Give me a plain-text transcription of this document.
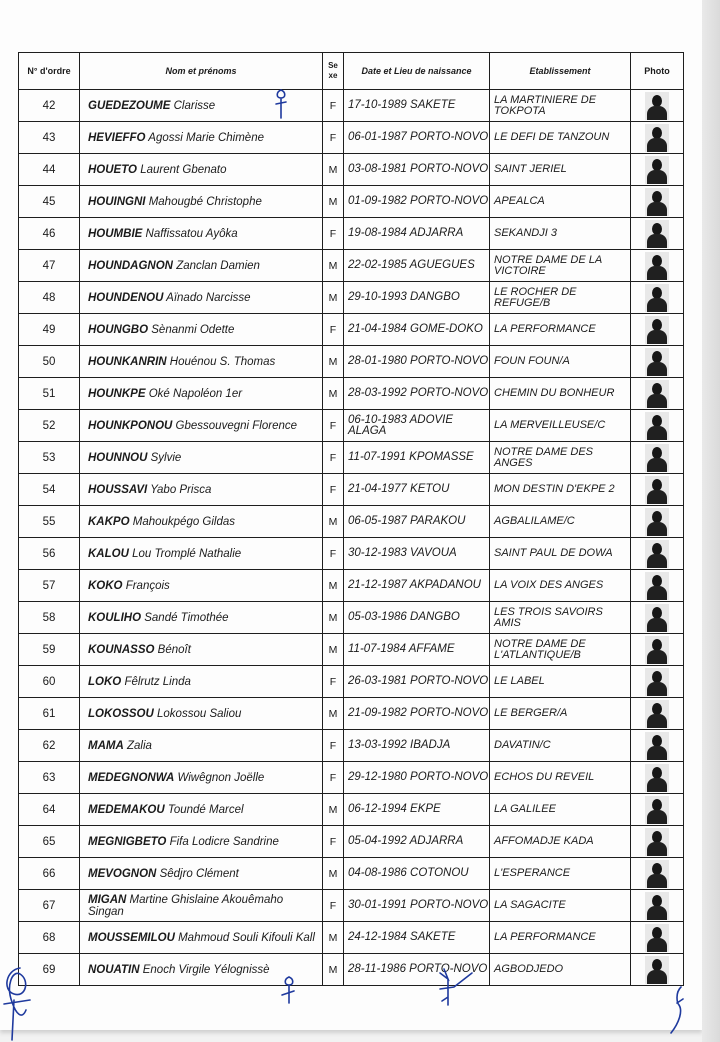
N° d'ordre	Nom et prénoms	Se xe	Date et Lieu de naissance	Etablissement	Photo
42	GUEDEZOUME Clarisse	F	17-10-1989 SAKETE	LA MARTINIERE DE TOKPOTA	

43	HEVIEFFO Agossi Marie Chimène	F	06-01-1987 PORTO-NOVO	LE DEFI DE TANZOUN	

44	HOUETO Laurent Gbenato	M	03-08-1981 PORTO-NOVO	SAINT JERIEL	

45	HOUINGNI Mahougbé Christophe	M	01-09-1982 PORTO-NOVO	APEALCA	

46	HOUMBIE Naffissatou Ayôka	F	19-08-1984 ADJARRA	SEKANDJI 3	

47	HOUNDAGNON Zanclan Damien	M	22-02-1985 AGUEGUES	NOTRE DAME DE LA VICTOIRE	

48	HOUNDENOU Aïnado Narcisse	M	29-10-1993 DANGBO	LE ROCHER DE REFUGE/B	

49	HOUNGBO Sènanmi Odette	F	21-04-1984 GOME-DOKO	LA PERFORMANCE	

50	HOUNKANRIN Houénou S. Thomas	M	28-01-1980 PORTO-NOVO	FOUN FOUN/A	

51	HOUNKPE Oké Napoléon 1er	M	28-03-1992 PORTO-NOVO	CHEMIN DU BONHEUR	

52	HOUNKPONOU Gbessouvegni Florence	F	06-10-1983 ADOVIE ALAGA	LA MERVEILLEUSE/C	

53	HOUNNOU Sylvie	F	11-07-1991 KPOMASSE	NOTRE DAME DES ANGES	

54	HOUSSAVI Yabo Prisca	F	21-04-1977 KETOU	MON DESTIN D'EKPE 2	

55	KAKPO Mahoukpégo Gildas	M	06-05-1987 PARAKOU	AGBALILAME/C	

56	KALOU Lou Tromplé Nathalie	F	30-12-1983 VAVOUA	SAINT PAUL DE DOWA	

57	KOKO François	M	21-12-1987 AKPADANOU	LA VOIX DES ANGES	

58	KOULIHO Sandé Timothée	M	05-03-1986 DANGBO	LES TROIS SAVOIRS AMIS	

59	KOUNASSO Bénoît	M	11-07-1984 AFFAME	NOTRE DAME DE L'ATLANTIQUE/B	

60	LOKO Fêlrutz Linda	F	26-03-1981 PORTO-NOVO	LE LABEL	

61	LOKOSSOU Lokossou Saliou	M	21-09-1982 PORTO-NOVO	LE BERGER/A	

62	MAMA Zalia	F	13-03-1992 IBADJA	DAVATIN/C	

63	MEDEGNONWA Wiwêgnon Joëlle	F	29-12-1980 PORTO-NOVO	ECHOS DU REVEIL	

64	MEDEMAKOU Toundé Marcel	M	06-12-1994 EKPE	LA GALILEE	

65	MEGNIGBETO Fifa Lodicre Sandrine	F	05-04-1992 ADJARRA	AFFOMADJE KADA	

66	MEVOGNON Sêdjro Clément	M	04-08-1986 COTONOU	L'ESPERANCE	

67	MIGAN Martine Ghislaine Akouêmaho Singan	F	30-01-1991 PORTO-NOVO	LA SAGACITE	

68	MOUSSEMILOU Mahmoud Souli Kifouli Kall	M	24-12-1984 SAKETE	LA PERFORMANCE	

69	NOUATIN Enoch Virgile Yélognissè	M	28-11-1986 PORTO-NOVO	AGBODJEDO	
